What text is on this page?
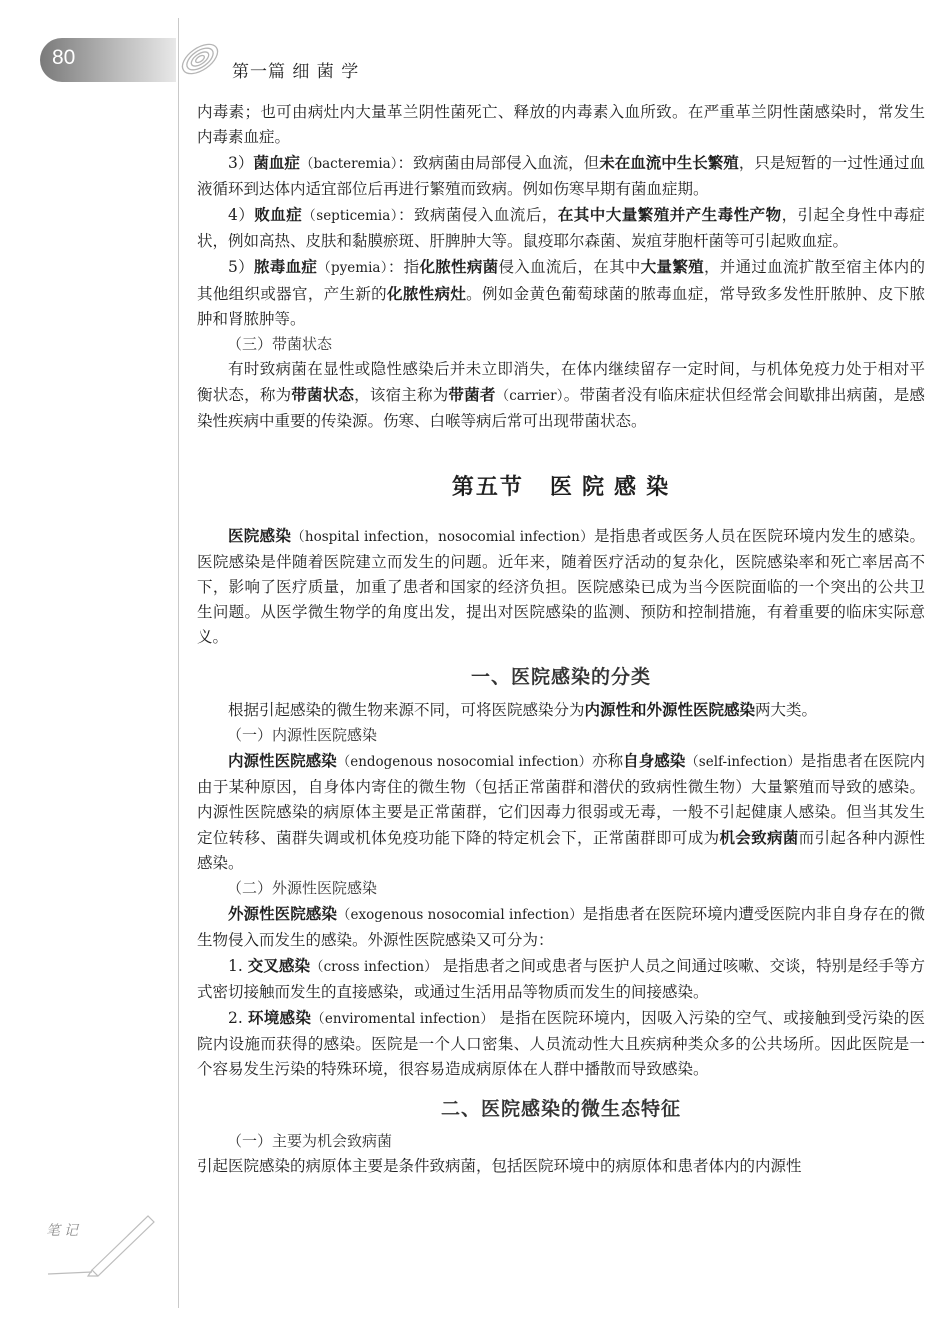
80
第一篇 细 菌 学

内毒素；也可由病灶内大量革兰阴性菌死亡、释放的内毒素入血所致。在严重革兰阴性菌感染时，常发生内毒素血症。

3）菌血症（bacteremia）：致病菌由局部侵入血流，但未在血流中生长繁殖，只是短暂的一过性通过血液循环到达体内适宜部位后再进行繁殖而致病。例如伤寒早期有菌血症期。

4）败血症（septicemia）：致病菌侵入血流后，在其中大量繁殖并产生毒性产物，引起全身性中毒症状，例如高热、皮肤和黏膜瘀斑、肝脾肿大等。鼠疫耶尔森菌、炭疽芽胞杆菌等可引起败血症。

5）脓毒血症（pyemia）：指化脓性病菌侵入血流后，在其中大量繁殖，并通过血流扩散至宿主体内的其他组织或器官，产生新的化脓性病灶。例如金黄色葡萄球菌的脓毒血症，常导致多发性肝脓肿、皮下脓肿和肾脓肿等。

（三）带菌状态

有时致病菌在显性或隐性感染后并未立即消失，在体内继续留存一定时间，与机体免疫力处于相对平衡状态，称为带菌状态，该宿主称为带菌者（carrier）。带菌者没有临床症状但经常会间歇排出病菌，是感染性疾病中重要的传染源。伤寒、白喉等病后常可出现带菌状态。

第五节 医 院 感 染

医院感染（hospital infection，nosocomial infection）是指患者或医务人员在医院环境内发生的感染。医院感染是伴随着医院建立而发生的问题。近年来，随着医疗活动的复杂化，医院感染率和死亡率居高不下，影响了医疗质量，加重了患者和国家的经济负担。医院感染已成为当今医院面临的一个突出的公共卫生问题。从医学微生物学的角度出发，提出对医院感染的监测、预防和控制措施，有着重要的临床实际意义。

一、医院感染的分类

根据引起感染的微生物来源不同，可将医院感染分为内源性和外源性医院感染两大类。

（一）内源性医院感染

内源性医院感染（endogenous nosocomial infection）亦称自身感染（self-infection）是指患者在医院内由于某种原因，自身体内寄住的微生物（包括正常菌群和潜伏的致病性微生物）大量繁殖而导致的感染。内源性医院感染的病原体主要是正常菌群，它们因毒力很弱或无毒，一般不引起健康人感染。但当其发生定位转移、菌群失调或机体免疫功能下降的特定机会下，正常菌群即可成为机会致病菌而引起各种内源性感染。

（二）外源性医院感染

外源性医院感染（exogenous nosocomial infection）是指患者在医院环境内遭受医院内非自身存在的微生物侵入而发生的感染。外源性医院感染又可分为：

1. 交叉感染（cross infection） 是指患者之间或患者与医护人员之间通过咳嗽、交谈，特别是经手等方式密切接触而发生的直接感染，或通过生活用品等物质而发生的间接感染。

2. 环境感染（enviromental infection） 是指在医院环境内，因吸入污染的空气、或接触到受污染的医院内设施而获得的感染。医院是一个人口密集、人员流动性大且疾病种类众多的公共场所。因此医院是一个容易发生污染的特殊环境，很容易造成病原体在人群中播散而导致感染。

二、医院感染的微生态特征

（一）主要为机会致病菌

引起医院感染的病原体主要是条件致病菌，包括医院环境中的病原体和患者体内的内源性

笔记
